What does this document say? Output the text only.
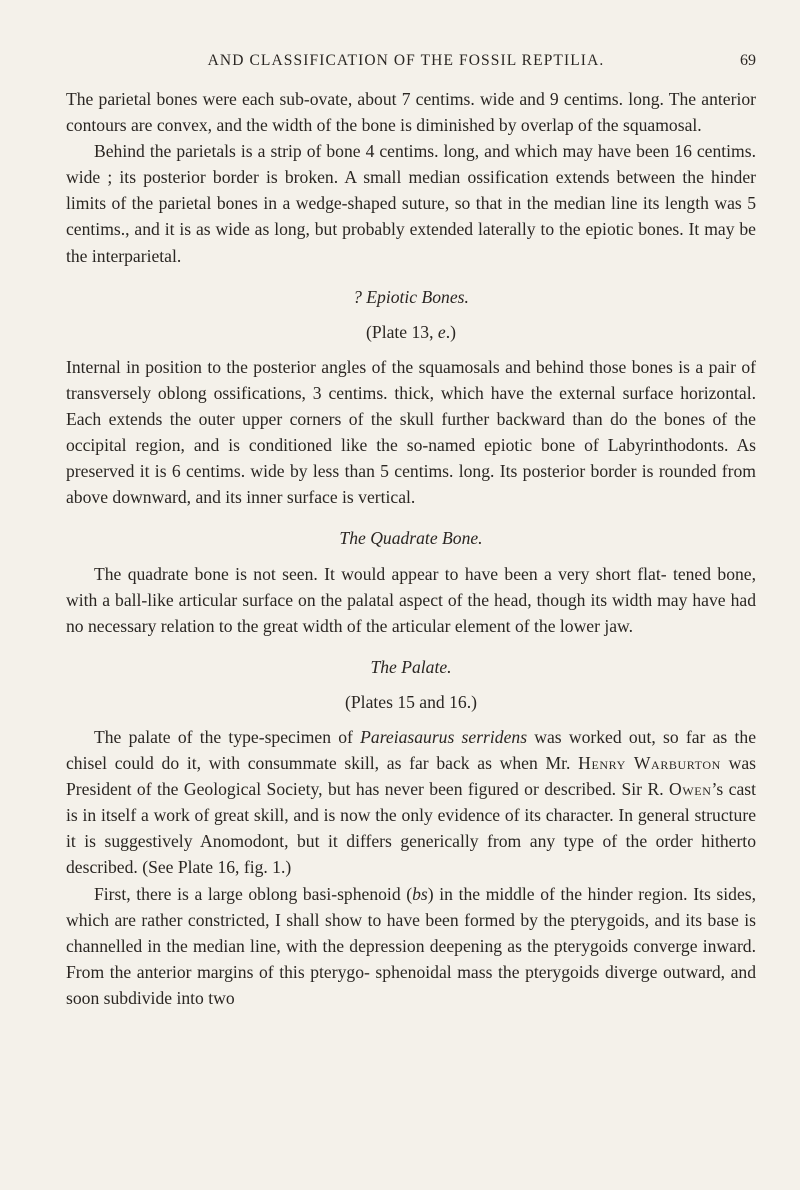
AND CLASSIFICATION OF THE FOSSIL REPTILIA.	69

The parietal bones were each sub-ovate, about 7 centims. wide and 9 centims. long. The anterior contours are convex, and the width of the bone is diminished by overlap of the squamosal.

Behind the parietals is a strip of bone 4 centims. long, and which may have been 16 centims. wide ; its posterior border is broken. A small median ossification extends between the hinder limits of the parietal bones in a wedge-shaped suture, so that in the median line its length was 5 centims., and it is as wide as long, but probably extended laterally to the epiotic bones. It may be the interparietal.

? Epiotic Bones.

(Plate 13, e.)

Internal in position to the posterior angles of the squamosals and behind those bones is a pair of transversely oblong ossifications, 3 centims. thick, which have the external surface horizontal. Each extends the outer upper corners of the skull further backward than do the bones of the occipital region, and is conditioned like the so-named epiotic bone of Labyrinthodonts. As preserved it is 6 centims. wide by less than 5 centims. long. Its posterior border is rounded from above downward, and its inner surface is vertical.

The Quadrate Bone.

The quadrate bone is not seen. It would appear to have been a very short flat- tened bone, with a ball-like articular surface on the palatal aspect of the head, though its width may have had no necessary relation to the great width of the articular element of the lower jaw.

The Palate.

(Plates 15 and 16.)

The palate of the type-specimen of Pareiasaurus serridens was worked out, so far as the chisel could do it, with consummate skill, as far back as when Mr. Henry Warburton was President of the Geological Society, but has never been figured or described. Sir R. Owen’s cast is in itself a work of great skill, and is now the only evidence of its character. In general structure it is suggestively Anomodont, but it differs generically from any type of the order hitherto described. (See Plate 16, fig. 1.)

First, there is a large oblong basi-sphenoid (bs) in the middle of the hinder region. Its sides, which are rather constricted, I shall show to have been formed by the pterygoids, and its base is channelled in the median line, with the depression deepening as the pterygoids converge inward. From the anterior margins of this pterygo- sphenoidal mass the pterygoids diverge outward, and soon subdivide into two
